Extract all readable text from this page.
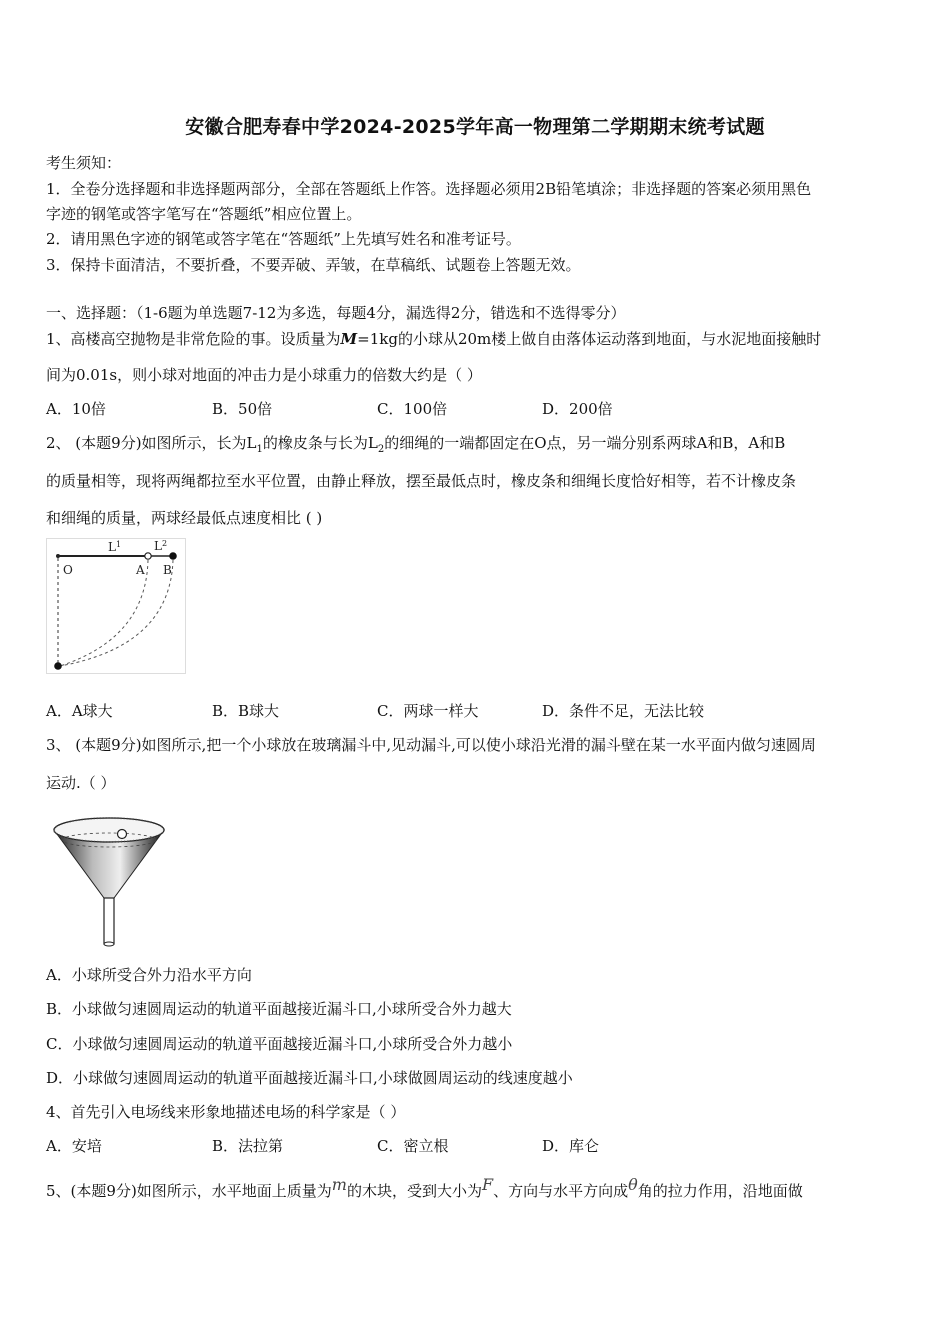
安徽合肥寿春中学2024-2025学年高一物理第二学期期末统考试题
考生须知：
1．全卷分选择题和非选择题两部分，全部在答题纸上作答。选择题必须用2B铅笔填涂；非选择题的答案必须用黑色
字迹的钢笔或答字笔写在“答题纸”相应位置上。
2．请用黑色字迹的钢笔或答字笔在“答题纸”上先填写姓名和准考证号。
3．保持卡面清洁，不要折叠，不要弄破、弄皱，在草稿纸、试题卷上答题无效。
一、选择题：（1-6题为单选题7-12为多选，每题4分，漏选得2分，错选和不选得零分）
1、高楼高空抛物是非常危险的事。设质量为M=1kg的小球从20m楼上做自由落体运动落到地面，与水泥地面接触时
间为0.01s，则小球对地面的冲击力是小球重力的倍数大约是（ ）
A．10倍	B．50倍	C．100倍	D．200倍
2、 (本题9分)如图所示，长为$L_1$的橡皮条与长为$L_2$的细绳的一端都固定在O点，另一端分别系两球A和B，A和B
的质量相等，现将两绳都拉至水平位置，由静止释放，摆至最低点时，橡皮条和细绳长度恰好相等，若不计橡皮条
和细绳的质量，两球经最低点速度相比 ( )
$L^1$	$L^2$
O	A B
A．A球大	B．B球大	C．两球一样大	D．条件不足，无法比较
3、 (本题9分)如图所示,把一个小球放在玻璃漏斗中,见动漏斗,可以使小球沿光滑的漏斗壁在某一水平面内做匀速圆周
运动.（ ）
A．小球所受合外力沿水平方向
B．小球做匀速圆周运动的轨道平面越接近漏斗口,小球所受合外力越大
C．小球做匀速圆周运动的轨道平面越接近漏斗口,小球所受合外力越小
D．小球做匀速圆周运动的轨道平面越接近漏斗口,小球做圆周运动的线速度越小
4、首先引入电场线来形象地描述电场的科学家是（ ）
A．安培	B．法拉第	C．密立根	D．库仑
5、(本题9分)如图所示，水平地面上质量为m的木块，受到大小为F、方向与水平方向成θ角的拉力作用，沿地面做
